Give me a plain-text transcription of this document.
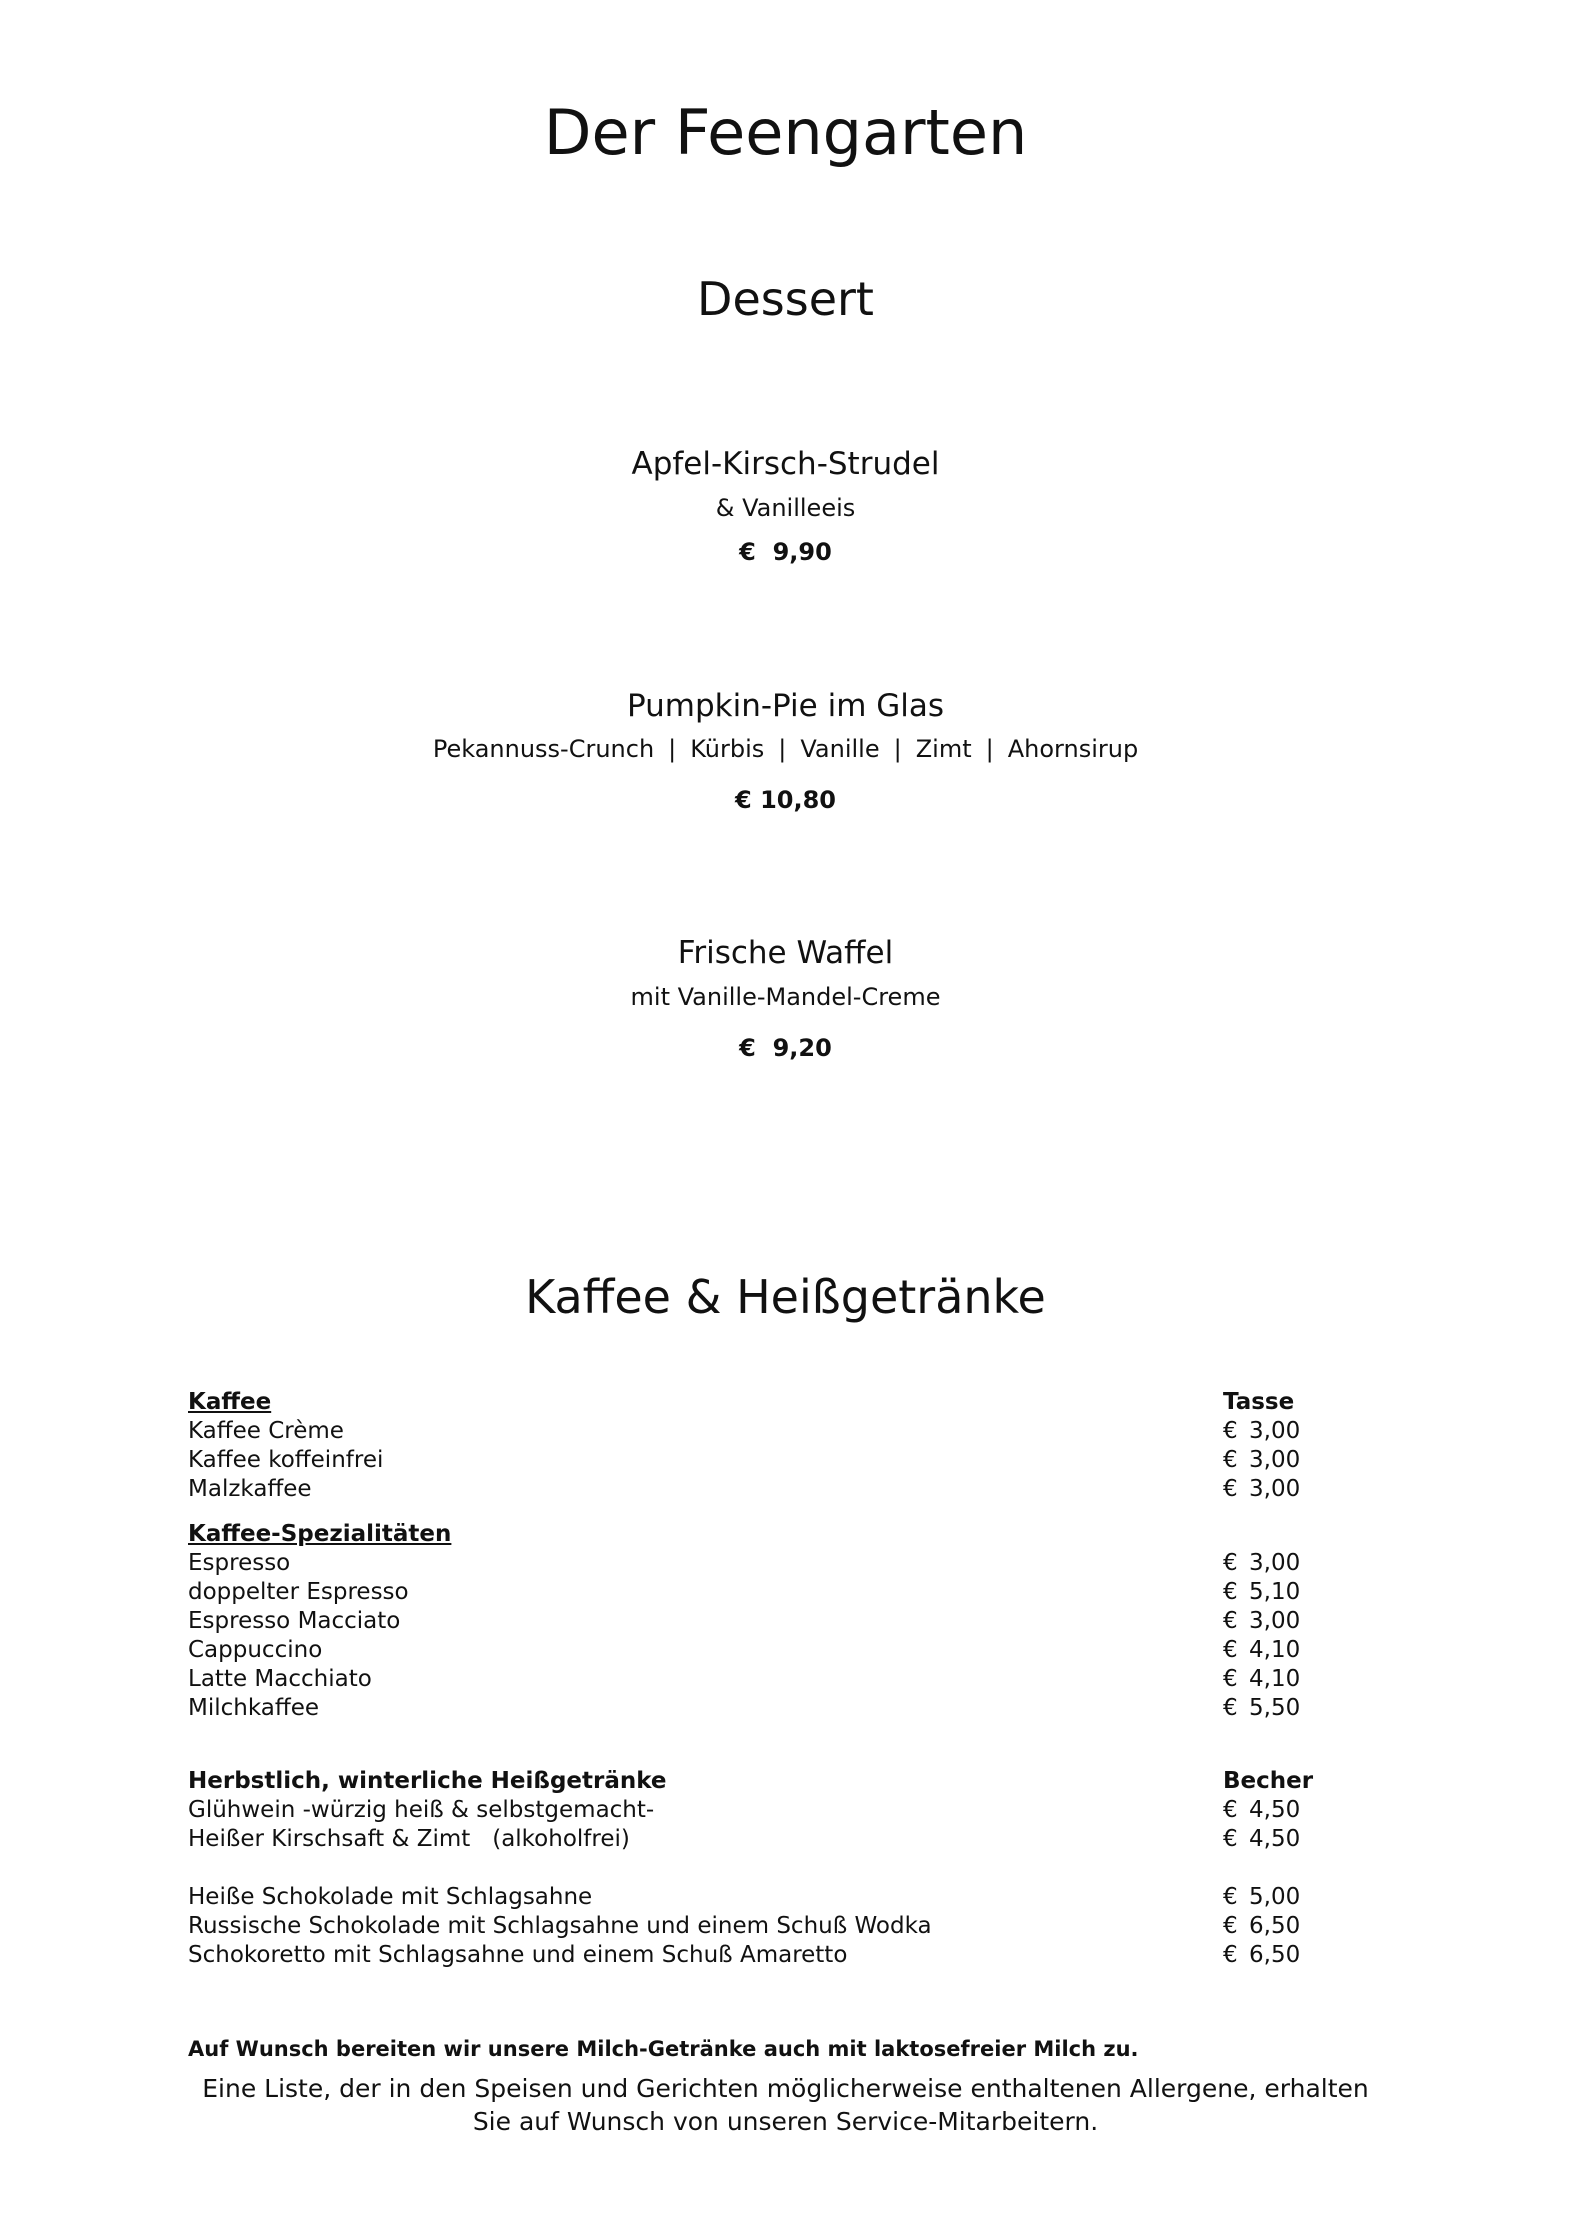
Der Feengarten
Dessert
Apfel-Kirsch-Strudel
& Vanilleeis
€ 9,90
Pumpkin-Pie im Glas
Pekannuss-Crunch | Kürbis | Vanille | Zimt | Ahornsirup
€ 10,80
Frische Waffel
mit Vanille-Mandel-Creme
€ 9,20
Kaffee & Heißgetränke
Kaffee	Tasse
Kaffee Crème	€ 3,00
Kaffee koffeinfrei	€ 3,00
Malzkaffee	€ 3,00
Kaffee-Spezialitäten
Espresso	€ 3,00
doppelter Espresso	€ 5,10
Espresso Macciato	€ 3,00
Cappuccino	€ 4,10
Latte Macchiato	€ 4,10
Milchkaffee	€ 5,50
Herbstlich, winterliche Heißgetränke	Becher
Glühwein -würzig heiß & selbstgemacht-	€ 4,50
Heißer Kirschsaft & Zimt   (alkoholfrei)	€ 4,50
Heiße Schokolade mit Schlagsahne	€ 5,00
Russische Schokolade mit Schlagsahne und einem Schuß Wodka	€ 6,50
Schokoretto mit Schlagsahne und einem Schuß Amaretto	€ 6,50
Auf Wunsch bereiten wir unsere Milch-Getränke auch mit laktosefreier Milch zu.
Eine Liste, der in den Speisen und Gerichten möglicherweise enthaltenen Allergene, erhalten
Sie auf Wunsch von unseren Service-Mitarbeitern.
